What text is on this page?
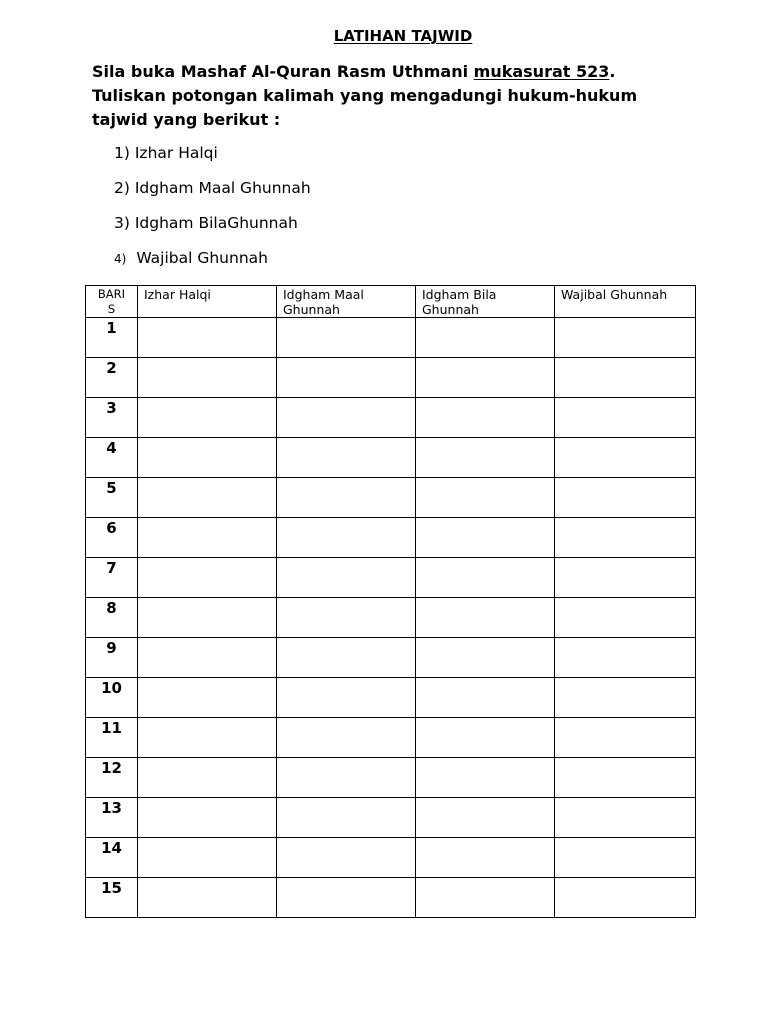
LATIHAN TAJWID
Sila buka Mashaf Al-Quran Rasm Uthmani mukasurat 523.
Tuliskan potongan kalimah yang mengadungi hukum-hukum
tajwid yang berikut :
1) Izhar Halqi
2) Idgham Maal Ghunnah
3) Idgham BilaGhunnah
4) Wajibal Ghunnah
BARI
S	Izhar Halqi	Idgham Maal Ghunnah	Idgham Bila Ghunnah	Wajibal Ghunnah
1				
2				
3				
4				
5				
6				
7				
8				
9				
10				
11				
12				
13				
14				
15				
